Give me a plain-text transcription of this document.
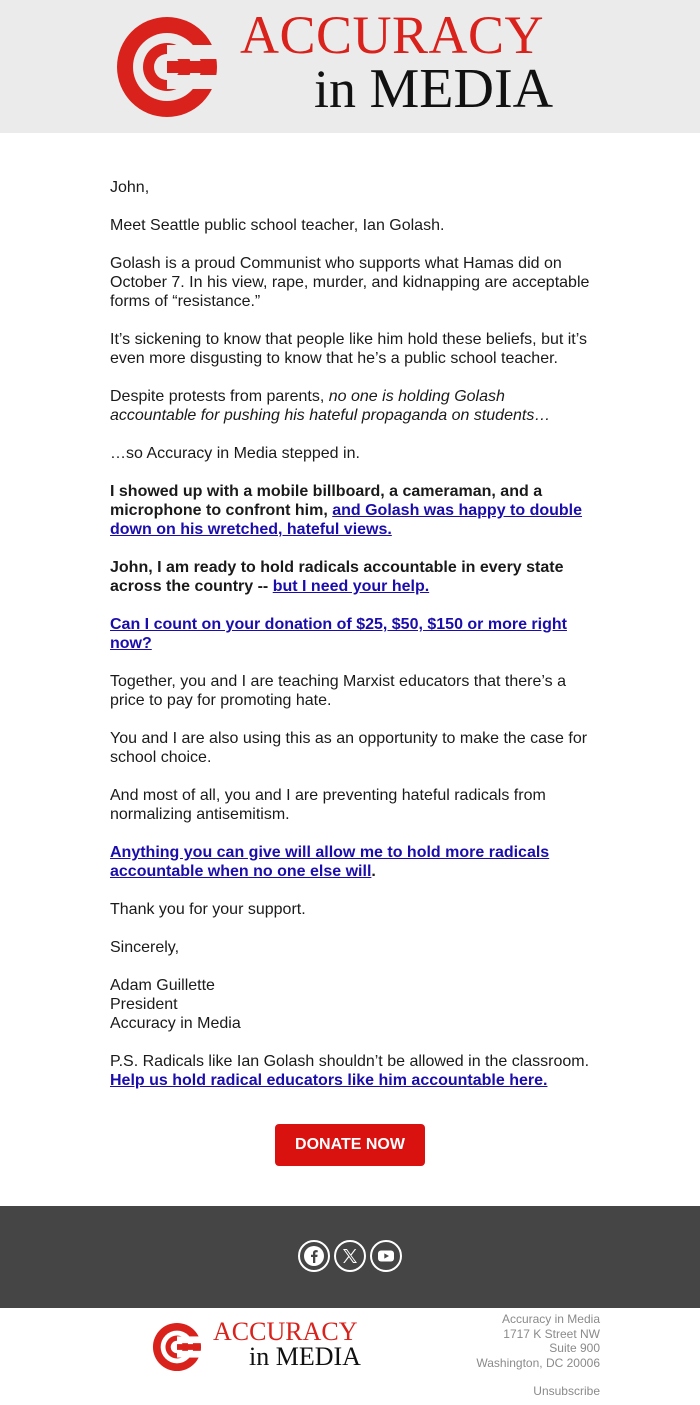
ACCURACY
in MEDIA

John,

Meet Seattle public school teacher, Ian Golash.

Golash is a proud Communist who supports what Hamas did on October 7. In his view, rape, murder, and kidnapping are acceptable forms of “resistance.”

It’s sickening to know that people like him hold these beliefs, but it’s even more disgusting to know that he’s a public school teacher.

Despite protests from parents, no one is holding Golash accountable for pushing his hateful propaganda on students…

…so Accuracy in Media stepped in.

I showed up with a mobile billboard, a cameraman, and a microphone to confront him, and Golash was happy to double down on his wretched, hateful views.

John, I am ready to hold radicals accountable in every state across the country -- but I need your help.

Can I count on your donation of $25, $50, $150 or more right now?

Together, you and I are teaching Marxist educators that there’s a price to pay for promoting hate.

You and I are also using this as an opportunity to make the case for school choice.

And most of all, you and I are preventing hateful radicals from normalizing antisemitism.

Anything you can give will allow me to hold more radicals accountable when no one else will.

Thank you for your support.

Sincerely,

Adam Guillette
President
Accuracy in Media

P.S. Radicals like Ian Golash shouldn’t be allowed in the classroom.
Help us hold radical educators like him accountable here.

DONATE NOW
ACCURACY
in MEDIA
Accuracy in Media
1717 K Street NW
Suite 900
Washington, DC 20006
Unsubscribe
